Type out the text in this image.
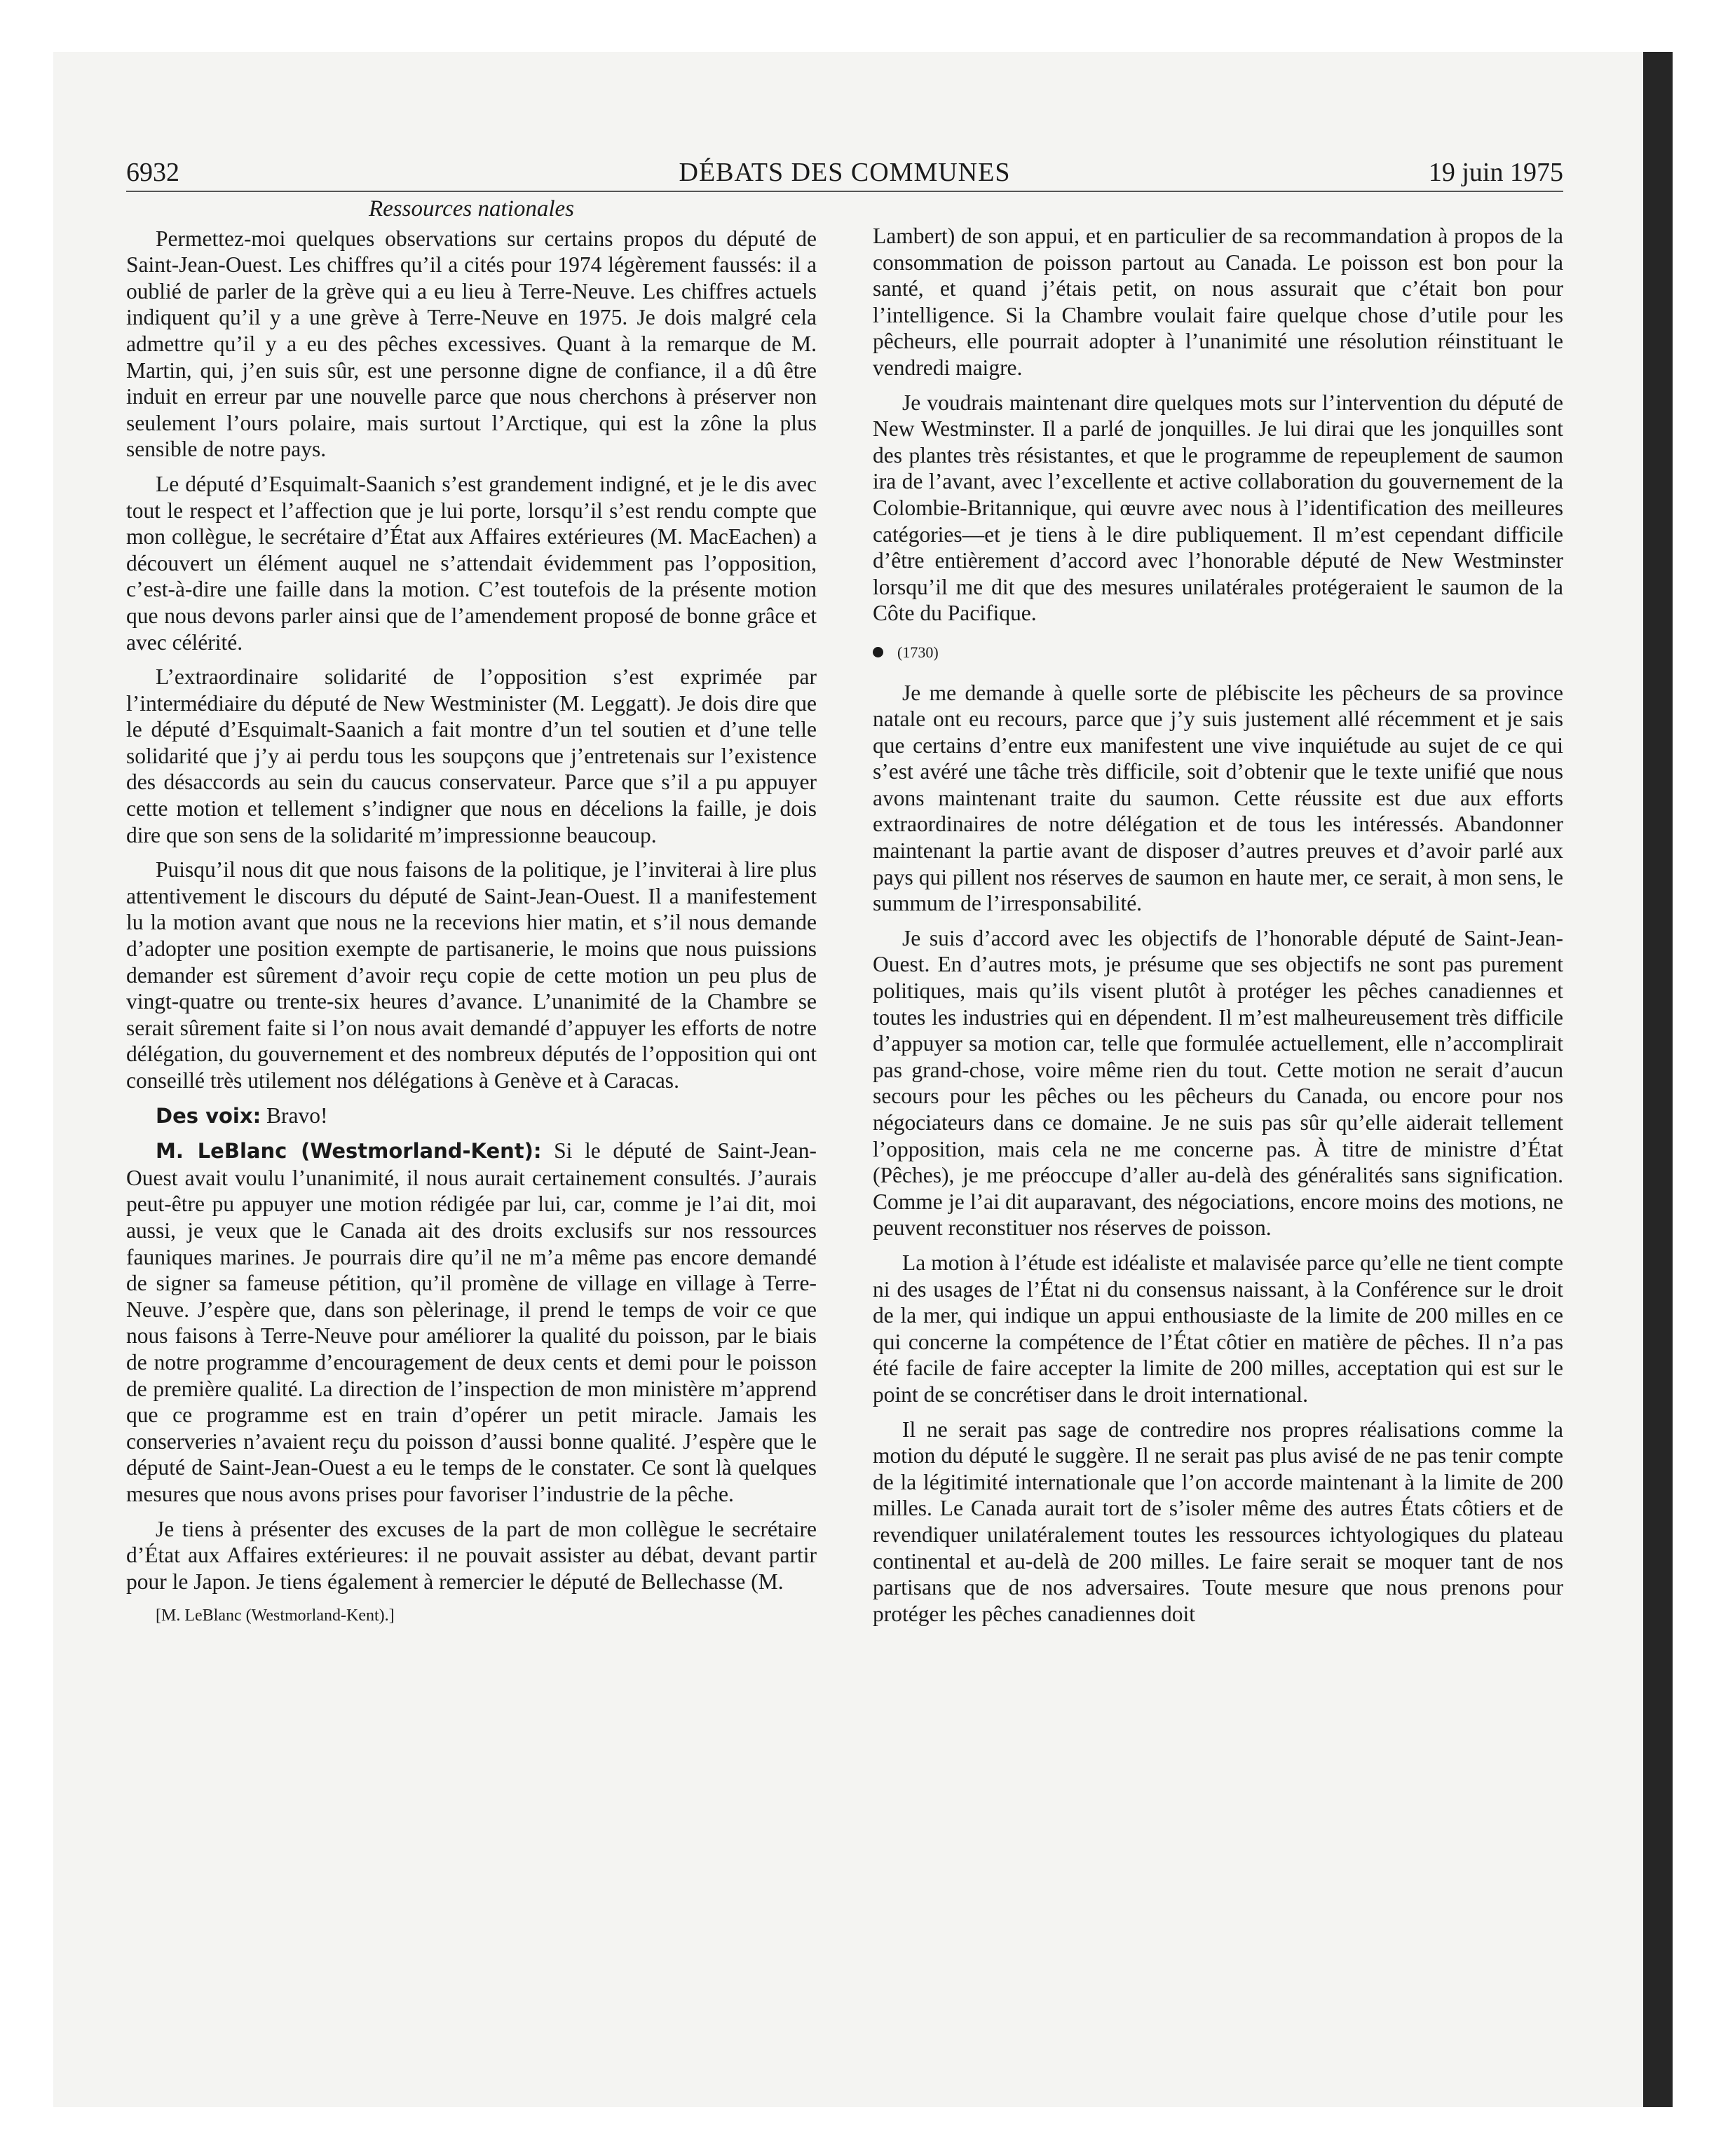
6932	DÉBATS DES COMMUNES	19 juin 1975
Ressources nationales

Permettez-moi quelques observations sur certains propos du député de Saint-Jean-Ouest. Les chiffres qu’il a cités pour 1974 légèrement faussés: il a oublié de parler de la grève qui a eu lieu à Terre-Neuve. Les chiffres actuels indiquent qu’il y a une grève à Terre-Neuve en 1975. Je dois malgré cela admettre qu’il y a eu des pêches excessives. Quant à la remarque de M. Martin, qui, j’en suis sûr, est une personne digne de confiance, il a dû être induit en erreur par une nouvelle parce que nous cherchons à préserver non seulement l’ours polaire, mais surtout l’Arctique, qui est la zône la plus sensible de notre pays.

Le député d’Esquimalt-Saanich s’est grandement indigné, et je le dis avec tout le respect et l’affection que je lui porte, lorsqu’il s’est rendu compte que mon collègue, le secrétaire d’État aux Affaires extérieures (M. MacEachen) a découvert un élément auquel ne s’attendait évidemment pas l’opposition, c’est-à-dire une faille dans la motion. C’est toutefois de la présente motion que nous devons parler ainsi que de l’amendement proposé de bonne grâce et avec célérité.

L’extraordinaire solidarité de l’opposition s’est exprimée par l’intermédiaire du député de New Westminister (M. Leggatt). Je dois dire que le député d’Esquimalt-Saanich a fait montre d’un tel soutien et d’une telle solidarité que j’y ai perdu tous les soupçons que j’entretenais sur l’existence des désaccords au sein du caucus conservateur. Parce que s’il a pu appuyer cette motion et tellement s’indigner que nous en décelions la faille, je dois dire que son sens de la solidarité m’impressionne beaucoup.

Puisqu’il nous dit que nous faisons de la politique, je l’inviterai à lire plus attentivement le discours du député de Saint-Jean-Ouest. Il a manifestement lu la motion avant que nous ne la recevions hier matin, et s’il nous demande d’adopter une position exempte de partisanerie, le moins que nous puissions demander est sûrement d’avoir reçu copie de cette motion un peu plus de vingt-quatre ou trente-six heures d’avance. L’unanimité de la Chambre se serait sûrement faite si l’on nous avait demandé d’appuyer les efforts de notre délégation, du gouvernement et des nombreux députés de l’opposition qui ont conseillé très utilement nos délégations à Genève et à Caracas.

Des voix: Bravo!

M. LeBlanc (Westmorland-Kent): Si le député de Saint-Jean-Ouest avait voulu l’unanimité, il nous aurait certainement consultés. J’aurais peut-être pu appuyer une motion rédigée par lui, car, comme je l’ai dit, moi aussi, je veux que le Canada ait des droits exclusifs sur nos ressources fauniques marines. Je pourrais dire qu’il ne m’a même pas encore demandé de signer sa fameuse pétition, qu’il promène de village en village à Terre-Neuve. J’espère que, dans son pèlerinage, il prend le temps de voir ce que nous faisons à Terre-Neuve pour améliorer la qualité du poisson, par le biais de notre programme d’encouragement de deux cents et demi pour le poisson de première qualité. La direction de l’inspection de mon ministère m’apprend que ce programme est en train d’opérer un petit miracle. Jamais les conserveries n’avaient reçu du poisson d’aussi bonne qualité. J’espère que le député de Saint-Jean-Ouest a eu le temps de le constater. Ce sont là quelques mesures que nous avons prises pour favoriser l’industrie de la pêche.

Je tiens à présenter des excuses de la part de mon collègue le secrétaire d’État aux Affaires extérieures: il ne pouvait assister au débat, devant partir pour le Japon. Je tiens également à remercier le député de Bellechasse (M.

[M. LeBlanc (Westmorland-Kent).]

Lambert) de son appui, et en particulier de sa recommandation à propos de la consommation de poisson partout au Canada. Le poisson est bon pour la santé, et quand j’étais petit, on nous assurait que c’était bon pour l’intelligence. Si la Chambre voulait faire quelque chose d’utile pour les pêcheurs, elle pourrait adopter à l’unanimité une résolution réinstituant le vendredi maigre.

Je voudrais maintenant dire quelques mots sur l’intervention du député de New Westminster. Il a parlé de jonquilles. Je lui dirai que les jonquilles sont des plantes très résistantes, et que le programme de repeuplement de saumon ira de l’avant, avec l’excellente et active collaboration du gouvernement de la Colombie-Britannique, qui œuvre avec nous à l’identification des meilleures catégories—et je tiens à le dire publiquement. Il m’est cependant difficile d’être entièrement d’accord avec l’honorable député de New Westminster lorsqu’il me dit que des mesures unilatérales protégeraient le saumon de la Côte du Pacifique.

(1730)

Je me demande à quelle sorte de plébiscite les pêcheurs de sa province natale ont eu recours, parce que j’y suis justement allé récemment et je sais que certains d’entre eux manifestent une vive inquiétude au sujet de ce qui s’est avéré une tâche très difficile, soit d’obtenir que le texte unifié que nous avons maintenant traite du saumon. Cette réussite est due aux efforts extraordinaires de notre délégation et de tous les intéressés. Abandonner maintenant la partie avant de disposer d’autres preuves et d’avoir parlé aux pays qui pillent nos réserves de saumon en haute mer, ce serait, à mon sens, le summum de l’irresponsabilité.

Je suis d’accord avec les objectifs de l’honorable député de Saint-Jean-Ouest. En d’autres mots, je présume que ses objectifs ne sont pas purement politiques, mais qu’ils visent plutôt à protéger les pêches canadiennes et toutes les industries qui en dépendent. Il m’est malheureusement très difficile d’appuyer sa motion car, telle que formulée actuellement, elle n’accomplirait pas grand-chose, voire même rien du tout. Cette motion ne serait d’aucun secours pour les pêches ou les pêcheurs du Canada, ou encore pour nos négociateurs dans ce domaine. Je ne suis pas sûr qu’elle aiderait tellement l’opposition, mais cela ne me concerne pas. À titre de ministre d’État (Pêches), je me préoccupe d’aller au-delà des généralités sans signification. Comme je l’ai dit auparavant, des négociations, encore moins des motions, ne peuvent reconstituer nos réserves de poisson.

La motion à l’étude est idéaliste et malavisée parce qu’elle ne tient compte ni des usages de l’État ni du consensus naissant, à la Conférence sur le droit de la mer, qui indique un appui enthousiaste de la limite de 200 milles en ce qui concerne la compétence de l’État côtier en matière de pêches. Il n’a pas été facile de faire accepter la limite de 200 milles, acceptation qui est sur le point de se concrétiser dans le droit international.

Il ne serait pas sage de contredire nos propres réalisations comme la motion du député le suggère. Il ne serait pas plus avisé de ne pas tenir compte de la légitimité internationale que l’on accorde maintenant à la limite de 200 milles. Le Canada aurait tort de s’isoler même des autres États côtiers et de revendiquer unilatéralement toutes les ressources ichtyologiques du plateau continental et au-delà de 200 milles. Le faire serait se moquer tant de nos partisans que de nos adversaires. Toute mesure que nous prenons pour protéger les pêches canadiennes doit
